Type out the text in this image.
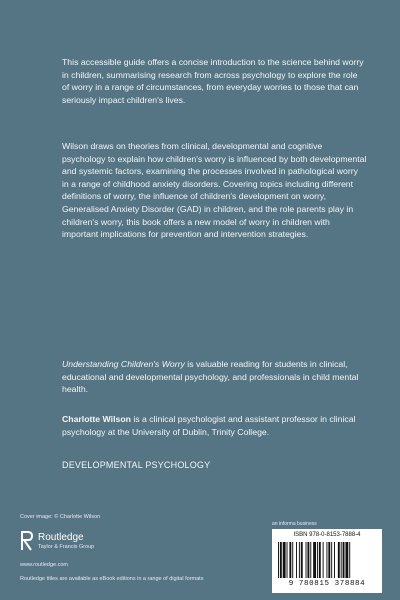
This accessible guide offers a concise introduction to the science behind worry in children, summarising research from across psychology to explore the role of worry in a range of circumstances, from everyday worries to those that can seriously impact children's lives.

Wilson draws on theories from clinical, developmental and cognitive psychology to explain how children's worry is influenced by both developmental and systemic factors, examining the processes involved in pathological worry in a range of childhood anxiety disorders. Covering topics including different definitions of worry, the influence of children's development on worry, Generalised Anxiety Disorder (GAD) in children, and the role parents play in children's worry, this book offers a new model of worry in children with important implications for prevention and intervention strategies.

Understanding Children's Worry is valuable reading for students in clinical, educational and developmental psychology, and professionals in child mental health.

Charlotte Wilson is a clinical psychologist and assistant professor in clinical psychology at the University of Dublin, Trinity College.

DEVELOPMENTAL PSYCHOLOGY
Cover image: © Charlotte Wilson
Routledge
Taylor & Francis Group
www.routledge.com
Routledge titles are available as eBook editions in a range of digital formats
an informa business
ISBN 978-0-8153-7888-4
9 780815 378884
